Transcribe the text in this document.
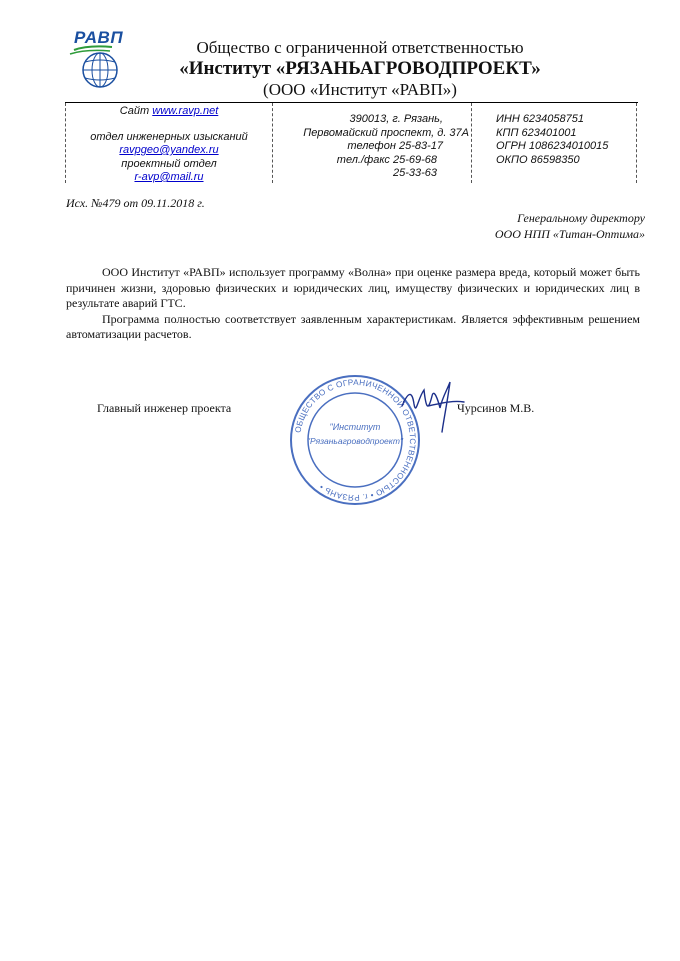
РАВП
Общество с ограниченной ответственностью
«Институт «РЯЗАНЬАГРОВОДПРОЕКТ»
(ООО «Институт «РАВП»)
Сайт www.ravp.net
отдел инженерных изысканий
ravpgeo@yandex.ru
проектный отдел
r-avp@mail.ru
390013, г. Рязань,
Первомайский проспект, д. 37А
телефон 25-83-17
тел./факс 25-69-68
25-33-63
ИНН 6234058751
КПП 623401001
ОГРН 1086234010015
ОКПО 86598350
Исх. №479 от 09.11.2018 г.
Генеральному директору
ООО НПП «Титан-Оптима»

ООО Институт «РАВП» использует программу «Волна» при оценке размера вреда, который может быть причинен жизни, здоровью физических и юридических лиц, имуществу физических и юридических лиц в результате аварий ГТС.

Программа полностью соответствует заявленным характеристикам. Является эффективным решением автоматизации расчетов.

Главный инженер проекта
ОБЩЕСТВО С ОГРАНИЧЕННОЙ ОТВЕТСТВЕННОСТЬЮ • г. РЯЗАНЬ •
"Институт
"Рязаньагроводпроект"
Чурсинов М.В.
